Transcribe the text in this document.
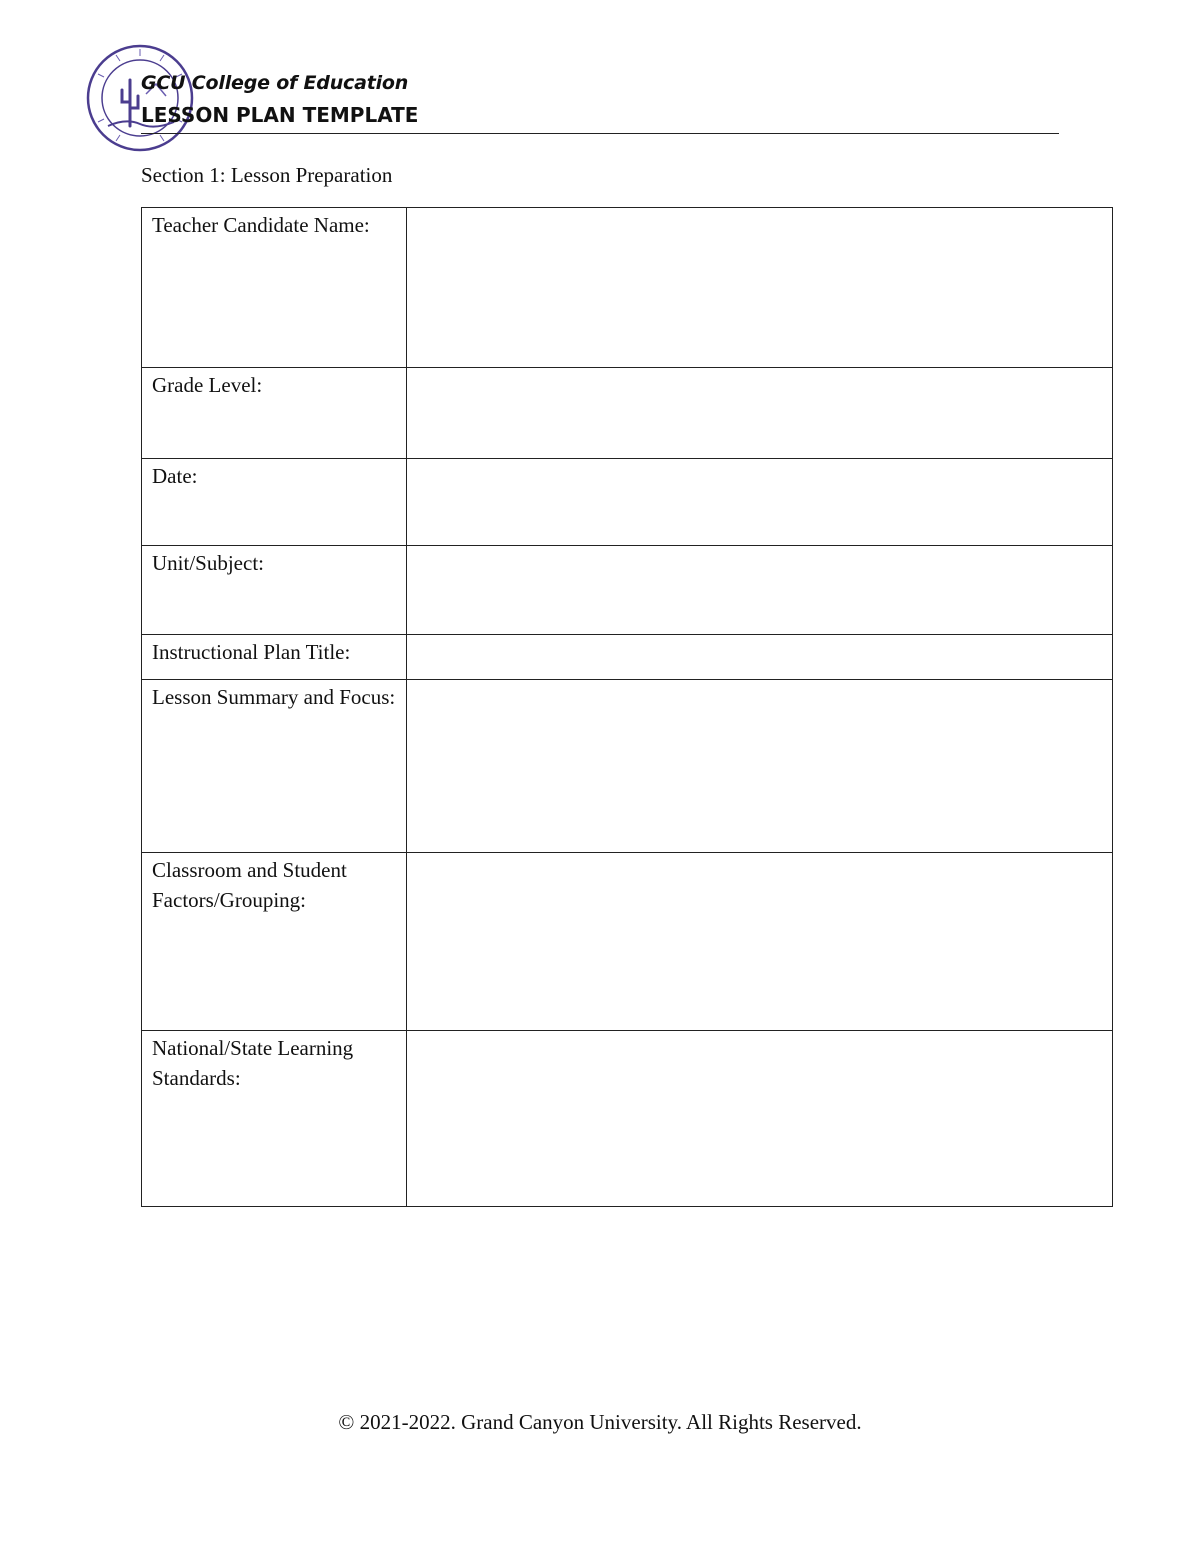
GCU College of Education
LESSON PLAN TEMPLATE
Section 1: Lesson Preparation
Teacher Candidate Name:	
Grade Level:	
Date:	
Unit/Subject:	
Instructional Plan Title:	
Lesson Summary and Focus:	
Classroom and Student Factors/Grouping:	
National/State Learning Standards:	
© 2021-2022. Grand Canyon University. All Rights Reserved.
